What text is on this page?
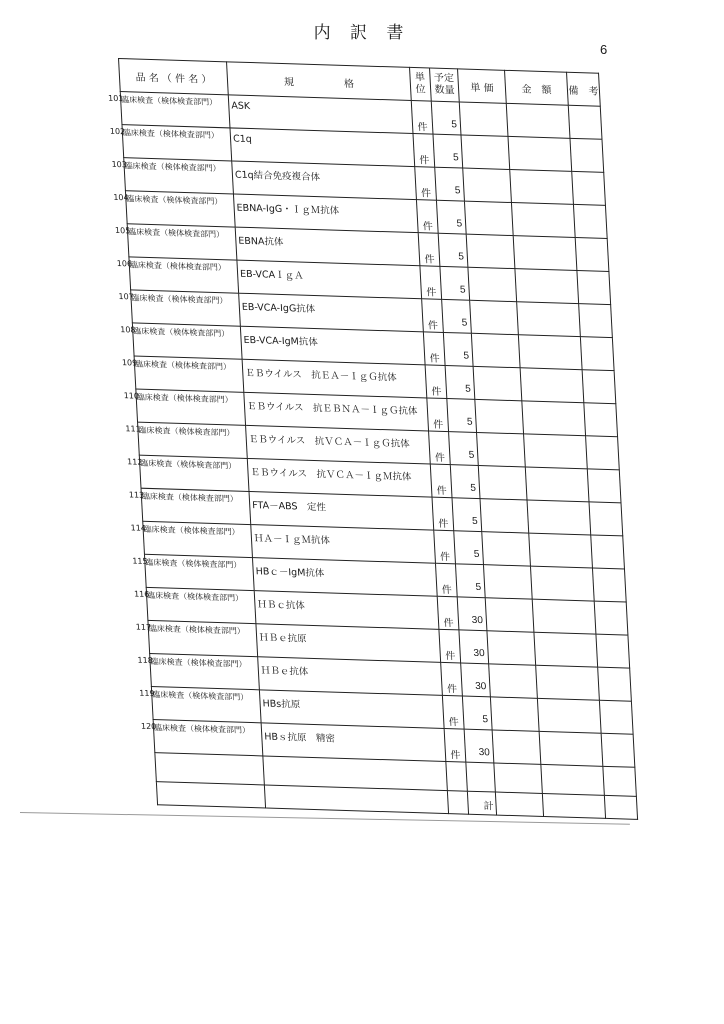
内 訳 書
6
品 名 （ 件 名 ）	規　　　　　格	単 位	予定 数量	単 価	金　額	備　考

101
臨床検査（検体検査部門）	ASK	件	5			

102
臨床検査（検体検査部門）	C1q	件	5			

103
臨床検査（検体検査部門）	C1q結合免疫複合体	件	5			

104
臨床検査（検体検査部門）	EBNA-IgG・ＩｇＭ抗体	件	5			

105
臨床検査（検体検査部門）	EBNA抗体	件	5			

106
臨床検査（検体検査部門）	EB-VCAＩｇＡ	件	5			

107
臨床検査（検体検査部門）	EB-VCA-IgG抗体	件	5			

108
臨床検査（検体検査部門）	EB-VCA-IgM抗体	件	5			

109
臨床検査（検体検査部門）	ＥＢウイルス　抗ＥＡ－ＩｇＧ抗体	件	5			

110
臨床検査（検体検査部門）	ＥＢウイルス　抗ＥＢＮＡ－ＩｇＧ抗体	件	5			

111
臨床検査（検体検査部門）	ＥＢウイルス　抗ＶＣＡ－ＩｇＧ抗体	件	5			

112
臨床検査（検体検査部門）	ＥＢウイルス　抗ＶＣＡ－ＩｇＭ抗体	件	5			

113
臨床検査（検体検査部門）	FTA－ABS　定性	件	5			

114
臨床検査（検体検査部門）	ＨＡ－ＩｇＭ抗体	件	5			

115
臨床検査（検体検査部門）	HBｃ－IgM抗体	件	5			

116
臨床検査（検体検査部門）	ＨＢｃ抗体	件	30			

117
臨床検査（検体検査部門）	ＨＢｅ抗原	件	30			

118
臨床検査（検体検査部門）	ＨＢｅ抗体	件	30			

119
臨床検査（検体検査部門）	HBs抗原	件	5			

120
臨床検査（検体検査部門）	HBｓ抗原　精密	件	30			

			計			
